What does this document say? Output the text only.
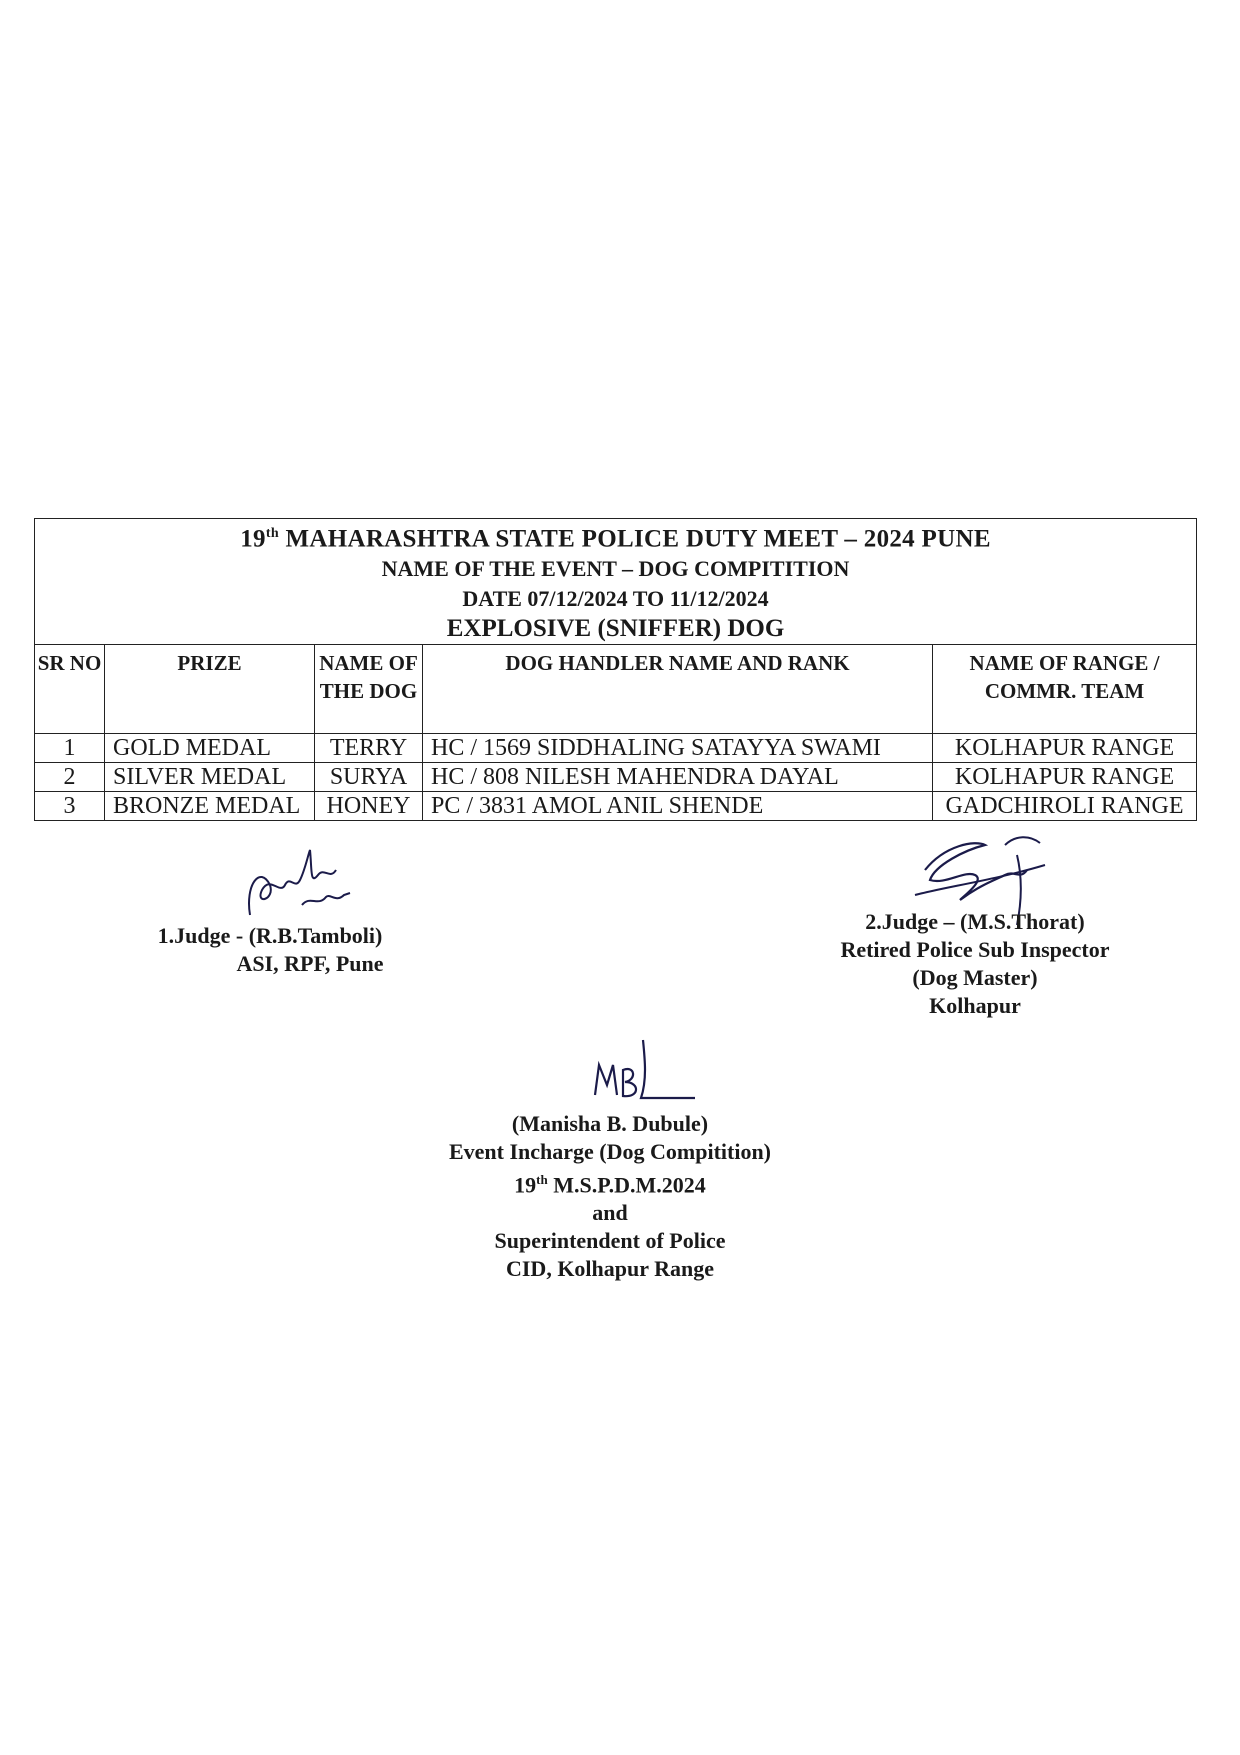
19th MAHARASHTRA STATE POLICE DUTY MEET – 2024 PUNE
NAME OF THE EVENT – DOG COMPITITION
DATE 07/12/2024 TO 11/12/2024
EXPLOSIVE (SNIFFER) DOG				

SR NO	PRIZE	NAME OF THE DOG	DOG HANDLER NAME AND RANK	NAME OF RANGE / COMMR. TEAM
1	GOLD MEDAL	TERRY	HC / 1569 SIDDHALING SATAYYA SWAMI	KOLHAPUR RANGE
2	SILVER MEDAL	SURYA	HC / 808 NILESH MAHENDRA DAYAL	KOLHAPUR RANGE
3	BRONZE MEDAL	HONEY	PC / 3831 AMOL ANIL SHENDE	GADCHIROLI RANGE
1.Judge - (R.B.Tamboli)
ASI, RPF, Pune
2.Judge – (M.S.Thorat)
Retired Police Sub Inspector
(Dog Master)
Kolhapur
(Manisha B. Dubule)
Event Incharge (Dog Compitition)
19th M.S.P.D.M.2024
and
Superintendent of Police
CID, Kolhapur Range
